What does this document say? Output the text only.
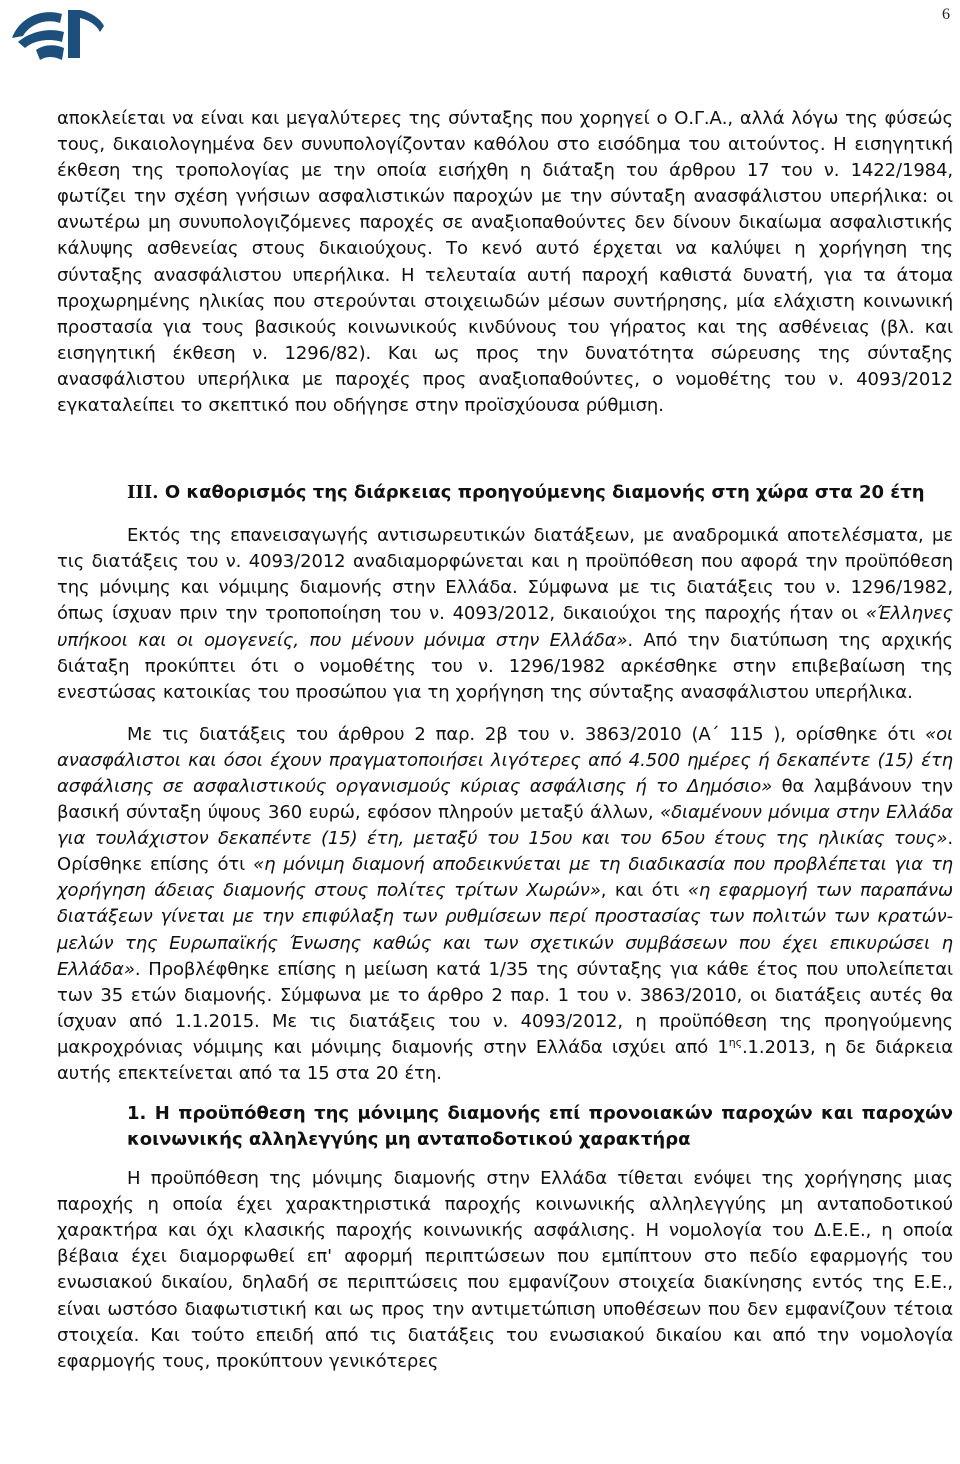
6

αποκλείεται να είναι και μεγαλύτερες της σύνταξης που χορηγεί ο Ο.Γ.Α., αλλά λόγω της φύσεώς τους, δικαιολογημένα δεν συνυπολογίζονταν καθόλου στο εισόδημα του αιτούντος. Η εισηγητική έκθεση της τροπολογίας με την οποία εισήχθη η διάταξη του άρθρου 17 του ν. 1422/1984, φωτίζει την σχέση γνήσιων ασφαλιστικών παροχών με την σύνταξη ανασφάλιστου υπερήλικα: οι ανωτέρω μη συνυπολογιζόμενες παροχές σε αναξιοπαθούντες δεν δίνουν δικαίωμα ασφαλιστικής κάλυψης ασθενείας στους δικαιούχους. Το κενό αυτό έρχεται να καλύψει η χορήγηση της σύνταξης ανασφάλιστου υπερήλικα. Η τελευταία αυτή παροχή καθιστά δυνατή, για τα άτομα προχωρημένης ηλικίας που στερούνται στοιχειωδών μέσων συντήρησης, μία ελάχιστη κοινωνική προστασία για τους βασικούς κοινωνικούς κινδύνους του γήρατος και της ασθένειας (βλ. και εισηγητική έκθεση ν. 1296/82). Και ως προς την δυνατότητα σώρευσης της σύνταξης ανασφάλιστου υπερήλικα με παροχές προς αναξιοπαθούντες, ο νομοθέτης του ν. 4093/2012 εγκαταλείπει το σκεπτικό που οδήγησε στην προϊσχύουσα ρύθμιση.

ΙΙΙ. Ο καθορισμός της διάρκειας προηγούμενης διαμονής στη χώρα στα 20 έτη

Εκτός της επανεισαγωγής αντισωρευτικών διατάξεων, με αναδρομικά αποτελέσματα, με τις διατάξεις του ν. 4093/2012 αναδιαμορφώνεται και η προϋπόθεση που αφορά την προϋπόθεση της μόνιμης και νόμιμης διαμονής στην Ελλάδα. Σύμφωνα με τις διατάξεις του ν. 1296/1982, όπως ίσχυαν πριν την τροποποίηση του ν. 4093/2012, δικαιούχοι της παροχής ήταν οι «Έλληνες υπήκοοι και οι ομογενείς, που μένουν μόνιμα στην Ελλάδα». Από την διατύπωση της αρχικής διάταξη προκύπτει ότι ο νομοθέτης του ν. 1296/1982 αρκέσθηκε στην επιβεβαίωση της ενεστώσας κατοικίας του προσώπου για τη χορήγηση της σύνταξης ανασφάλιστου υπερήλικα.

Με τις διατάξεις του άρθρου 2 παρ. 2β του ν. 3863/2010 (Α΄ 115 ), ορίσθηκε ότι «οι ανασφάλιστοι και όσοι έχουν πραγματοποιήσει λιγότερες από 4.500 ημέρες ή δεκαπέντε (15) έτη ασφάλισης σε ασφαλιστικούς οργανισμούς κύριας ασφάλισης ή το Δημόσιο» θα λαμβάνουν την βασική σύνταξη ύψους 360 ευρώ, εφόσον πληρούν μεταξύ άλλων, «διαμένουν μόνιμα στην Ελλάδα για τουλάχιστον δεκαπέντε (15) έτη, μεταξύ του 15ου και του 65ου έτους της ηλικίας τους». Ορίσθηκε επίσης ότι «η μόνιμη διαμονή αποδεικνύεται με τη διαδικασία που προβλέπεται για τη χορήγηση άδειας διαμονής στους πολίτες τρίτων Χωρών», και ότι «η εφαρμογή των παραπάνω διατάξεων γίνεται με την επιφύλαξη των ρυθμίσεων περί προστασίας των πολιτών των κρατών-μελών της Ευρωπαϊκής Ένωσης καθώς και των σχετικών συμβάσεων που έχει επικυρώσει η Ελλάδα». Προβλέφθηκε επίσης η μείωση κατά 1/35 της σύνταξης για κάθε έτος που υπολείπεται των 35 ετών διαμονής. Σύμφωνα με το άρθρο 2 παρ. 1 του ν. 3863/2010, οι διατάξεις αυτές θα ίσχυαν από 1.1.2015. Με τις διατάξεις του ν. 4093/2012, η προϋπόθεση της προηγούμενης μακροχρόνιας νόμιμης και μόνιμης διαμονής στην Ελλάδα ισχύει από $1^{\eta\varsigma}.1.2013$, η δε διάρκεια αυτής επεκτείνεται από τα 15 στα 20 έτη.

1. Η προϋπόθεση της μόνιμης διαμονής επί προνοιακών παροχών και παροχών κοινωνικής αλληλεγγύης μη ανταποδοτικού χαρακτήρα

Η προϋπόθεση της μόνιμης διαμονής στην Ελλάδα τίθεται ενόψει της χορήγησης μιας παροχής η οποία έχει χαρακτηριστικά παροχής κοινωνικής αλληλεγγύης μη ανταποδοτικού χαρακτήρα και όχι κλασικής παροχής κοινωνικής ασφάλισης. Η νομολογία του Δ.Ε.Ε., η οποία βέβαια έχει διαμορφωθεί επ' αφορμή περιπτώσεων που εμπίπτουν στο πεδίο εφαρμογής του ενωσιακού δικαίου, δηλαδή σε περιπτώσεις που εμφανίζουν στοιχεία διακίνησης εντός της Ε.Ε., είναι ωστόσο διαφωτιστική και ως προς την αντιμετώπιση υποθέσεων που δεν εμφανίζουν τέτοια στοιχεία. Και τούτο επειδή από τις διατάξεις του ενωσιακού δικαίου και από την νομολογία εφαρμογής τους, προκύπτουν γενικότερες
